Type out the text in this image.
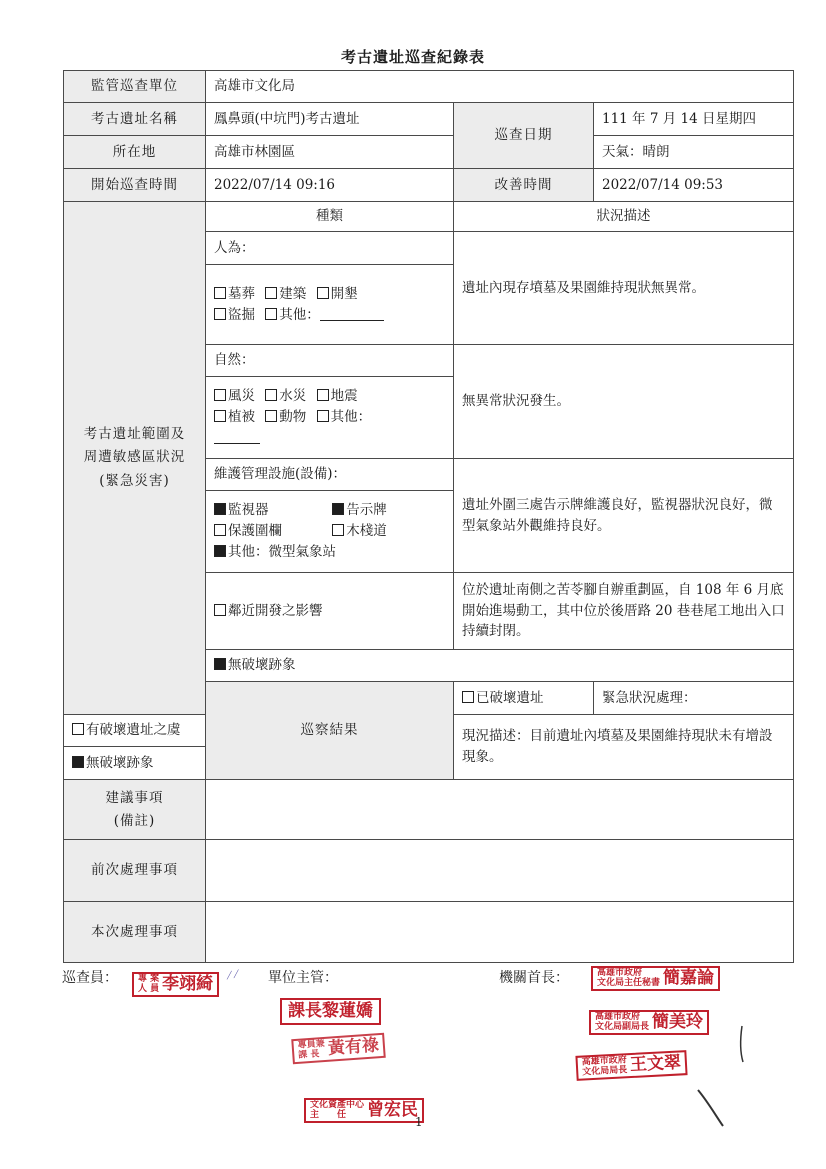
考古遺址巡查紀錄表
監管巡查單位	高雄市文化局		
考古遺址名稱	鳳鼻頭(中坑門)考古遺址	巡查日期	111 年 7 月 14 日星期四
所在地	高雄市林園區		天氣：晴朗
開始巡查時間	2022/07/14 09:16	改善時間	2022/07/14 09:53

考古遺址範圍及
周遭敏感區狀況
(緊急災害)	種類	狀況描述	
	人為：	遺址內現存墳墓及果園維持現狀無異常。	

	墓葬 建築 開墾
盜掘 其他：		

	自然：	無異常狀況發生。	

	風災 水災 地震
植被 動物 其他：		

	維護管理設施(設備)：	遺址外圍三處告示牌維護良好，監視器狀況良好，微型氣象站外觀維持良好。	

	監視器 告示牌
保護圍欄 木棧道
其他：微型氣象站		

	鄰近開發之影響	位於遺址南側之苦苓腳自辦重劃區，自 108 年 6 月底開始進場動工，其中位於後厝路 20 巷巷尾工地出入口持續封閉。	
	無破壞跡象		
	巡察結果	已破壞遺址	緊急狀況處理：
有破壞遺址之虞		現況描述：目前遺址內墳墓及果園維持現狀未有增設現象。	
無破壞跡象			

建議事項
(備註)			

前次處理事項			
本次處理事項			
巡查員：	單位主管：	機關首長：
專 案
人 員 李翊綺	⟋⟋
課長黎蓮嬌
專員兼
課 長 黃有祿
文化資產中心
主　　任 曾宏民
高雄市政府
文化局主任秘書 簡嘉論
高雄市政府
文化局副局長 簡美玲
高雄市政府
文化局局長 王文翠
1
